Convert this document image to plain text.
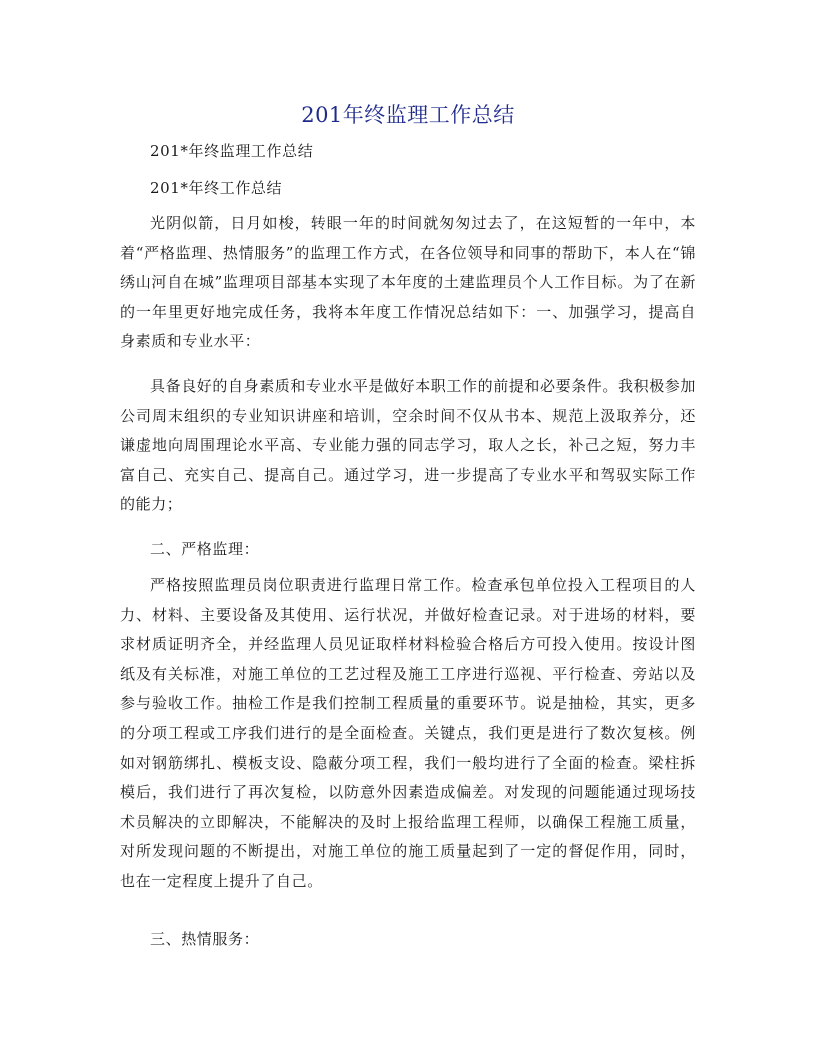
201年终监理工作总结
201*年终监理工作总结
201*年终工作总结

光阴似箭，日月如梭，转眼一年的时间就匆匆过去了，在这短暂的一年中，本着“严格监理、热情服务”的监理工作方式，在各位领导和同事的帮助下，本人在“锦绣山河自在城”监理项目部基本实现了本年度的土建监理员个人工作目标。为了在新的一年里更好地完成任务，我将本年度工作情况总结如下：一、加强学习，提高自身素质和专业水平：

具备良好的自身素质和专业水平是做好本职工作的前提和必要条件。我积极参加公司周末组织的专业知识讲座和培训，空余时间不仅从书本、规范上汲取养分，还谦虚地向周围理论水平高、专业能力强的同志学习，取人之长，补己之短，努力丰富自己、充实自己、提高自己。通过学习，进一步提高了专业水平和驾驭实际工作的能力；

二、严格监理：

严格按照监理员岗位职责进行监理日常工作。检查承包单位投入工程项目的人力、材料、主要设备及其使用、运行状况，并做好检查记录。对于进场的材料，要求材质证明齐全，并经监理人员见证取样材料检验合格后方可投入使用。按设计图纸及有关标准，对施工单位的工艺过程及施工工序进行巡视、平行检查、旁站以及参与验收工作。抽检工作是我们控制工程质量的重要环节。说是抽检，其实，更多的分项工程或工序我们进行的是全面检查。关键点，我们更是进行了数次复核。例如对钢筋绑扎、模板支设、隐蔽分项工程，我们一般均进行了全面的检查。梁柱拆模后，我们进行了再次复检，以防意外因素造成偏差。对发现的问题能通过现场技术员解决的立即解决，不能解决的及时上报给监理工程师，以确保工程施工质量，对所发现问题的不断提出，对施工单位的施工质量起到了一定的督促作用，同时，也在一定程度上提升了自己。

三、热情服务：
